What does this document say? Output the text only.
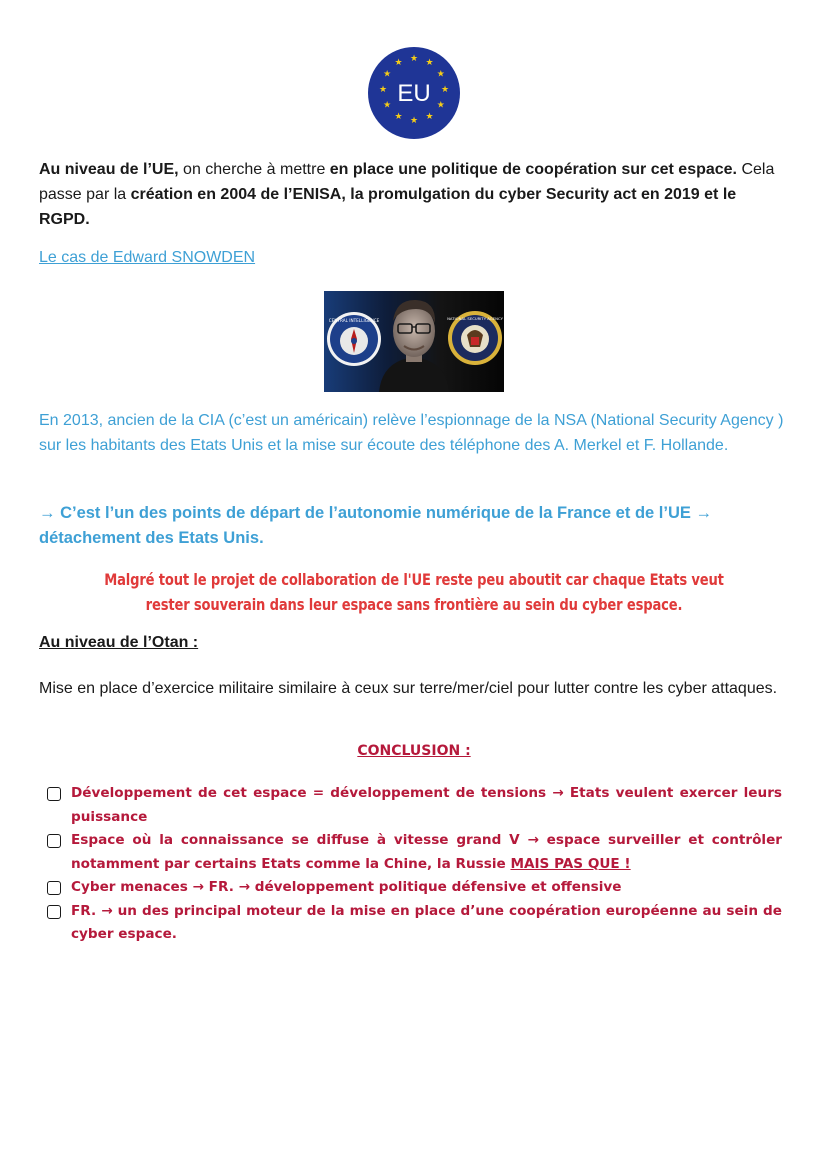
★ ★
★
★
★
★
★
★
★
★
★
★
EU

Au niveau de l’UE, on cherche à mettre en place une politique de coopération sur cet espace. Cela passe par la création en 2004 de l’ENISA, la promulgation du cyber Security act en 2019 et le RGPD.

Le cas de Edward SNOWDEN
CENTRAL INTELLIGENCE	NATIONAL SECURITY AGENCY

En 2013, ancien de la CIA (c’est un américain) relève l’espionnage de la NSA (National Security Agency ) sur les habitants des Etats Unis et la mise sur écoute des téléphone des A. Merkel et F. Hollande.

→ C’est l’un des points de départ de l’autonomie numérique de la France et de l’UE → détachement des Etats Unis.

Malgré tout le projet de collaboration de l'UE reste peu aboutit car chaque Etats veut rester souverain dans leur espace sans frontière au sein du cyber espace.

Au niveau de l’Otan :

Mise en place d’exercice militaire similaire à ceux sur terre/mer/ciel pour lutter contre les cyber attaques.

CONCLUSION :
Développement de cet espace = développement de tensions → Etats veulent exercer leurs puissance
Espace où la connaissance se diffuse à vitesse grand V → espace surveiller et contrôler notamment par certains Etats comme la Chine, la Russie MAIS PAS QUE !
Cyber menaces → FR. → développement politique défensive et offensive
FR. → un des principal moteur de la mise en place d’une coopération européenne au sein de cyber espace.
